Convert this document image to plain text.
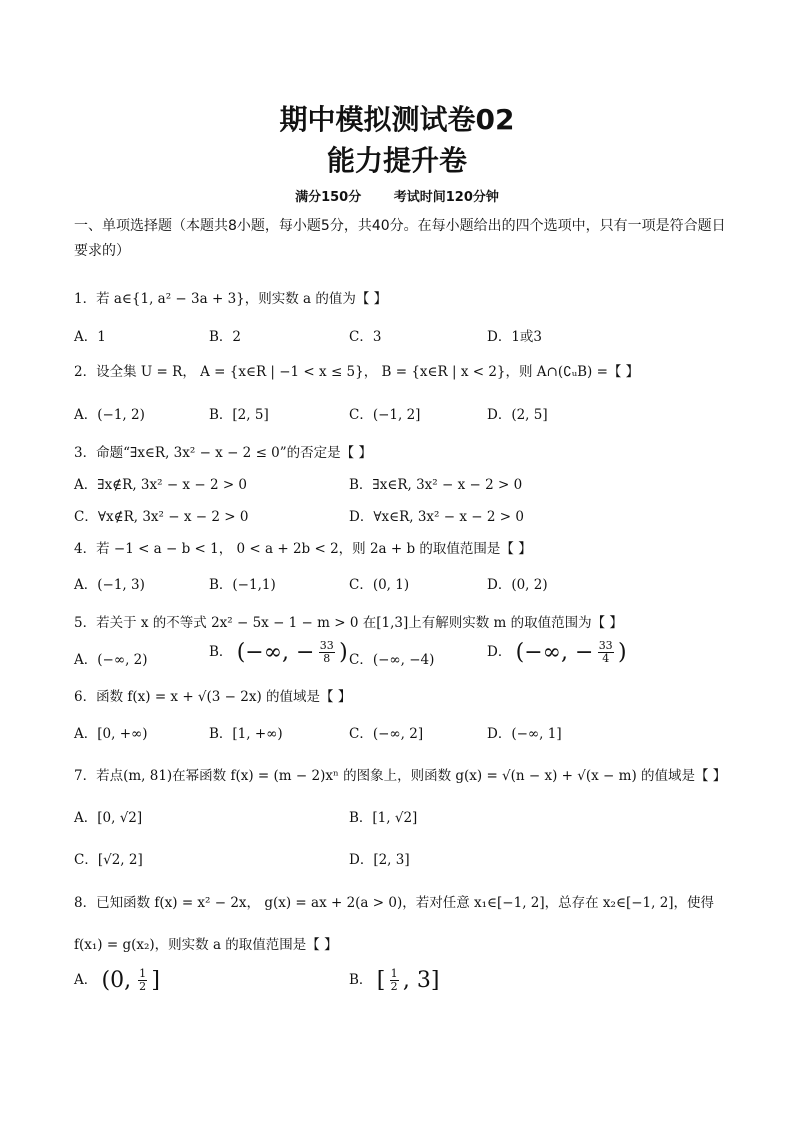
期中模拟测试卷02
能力提升卷
满分150分	考试时间120分钟
一、单项选择题（本题共8小题，每小题5分，共40分。在每小题给出的四个选项中，只有一项是符合题日要求的）
1．若 a∈{1, a² − 3a + 3}，则实数 a 的值为【 】
A．1	B．2	C．3	D．1或3
2．设全集 U = R， A = {x∈R | −1 < x ≤ 5}， B = {x∈R | x < 2}，则 A∩(∁ᵤB) =【 】
A．(−1, 2)	B．[2, 5]	C．(−1, 2]	D．(2, 5]
3．命题“∃x∈R, 3x² − x − 2 ≤ 0”的否定是【 】
A．∃x∉R, 3x² − x − 2 > 0	B．∃x∈R, 3x² − x − 2 > 0
C．∀x∉R, 3x² − x − 2 > 0	D．∀x∈R, 3x² − x − 2 > 0
4．若 −1 < a − b < 1， 0 < a + 2b < 2，则 2a + b 的取值范围是【 】
A．(−1, 3)	B．(−1,1)	C．(0, 1)	D．(0, 2)
5．若关于 x 的不等式 2x² − 5x − 1 − m > 0 在[1,3]上有解则实数 m 的取值范围为【 】
A．(−∞, 2)	B． (−∞, − $\frac{33}{8}$ ) C．(−∞, −4)	D． (−∞, − $\frac{33}{4}$ )
6．函数 f(x) = x + √(3 − 2x) 的值域是【 】
A．[0, +∞)	B．[1, +∞)	C．(−∞, 2]	D．(−∞, 1]
7．若点(m, 81)在幂函数 f(x) = (m − 2)xⁿ 的图象上，则函数 g(x) = √(n − x) + √(x − m) 的值域是【 】
A．[0, √2]	B．[1, √2]
C．[√2, 2]	D．[2, 3]
8．已知函数 f(x) = x² − 2x， g(x) = ax + 2(a > 0)，若对任意 x₁∈[−1, 2]，总存在 x₂∈[−1, 2]，使得
f(x₁) = g(x₂)，则实数 a 的取值范围是【 】
A． (0, $\frac{1}{2}$ ]	B． [ $\frac{1}{2}$ , 3]
